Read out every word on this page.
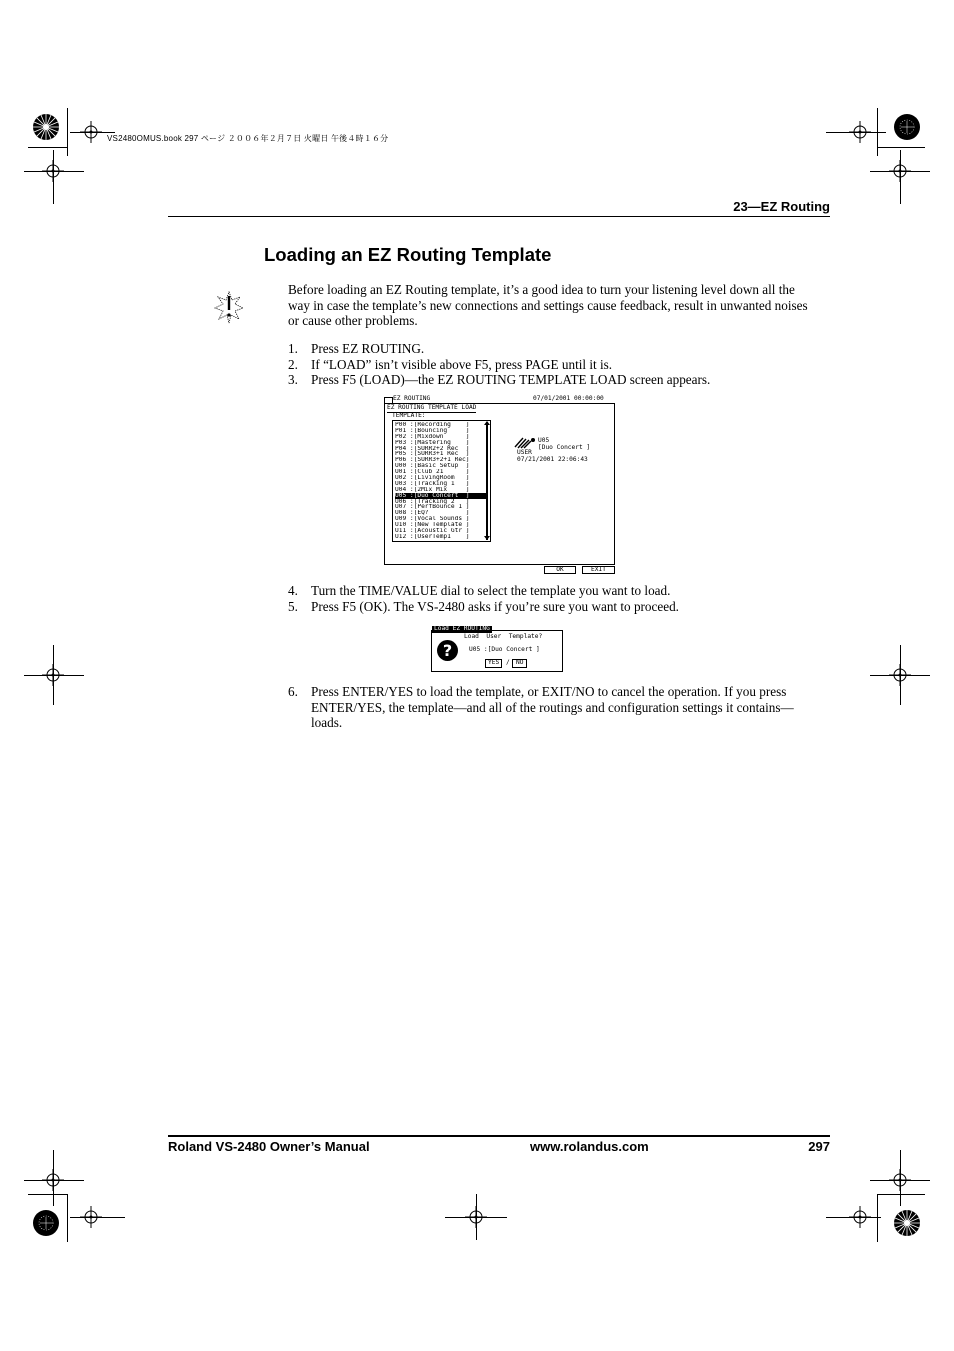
VS2480OMUS.book 297 ページ ２００６年２月７日 火曜日 午後４時１６分
23—EZ Routing
Loading an EZ Routing Template
Before loading an EZ Routing template, it’s a good idea to turn your listening level down all the way in case the template’s new connections and settings cause feedback, result in unwanted noises or cause other problems.
1. Press EZ ROUTING.
2. If “LOAD” isn’t visible above F5, press PAGE until it is.
3. Press F5 (LOAD)—the EZ ROUTING TEMPLATE LOAD screen appears.
EZ ROUTING	07/01/2001 00:00:00
EZ ROUTING TEMPLATE LOAD
TEMPLATE:
P00 :[Recording    ]
P01 :[Bouncing     ]
P02 :[Mixdown      ]
P03 :[Mastering    ]
P04 :[SURR2+2 Rec  ]
P05 :[SURR3+1 Rec  ]
P06 :[SURR3+2+1 Rec]
U00 :[Basic Setup  ]
U01 :[Club 21      ]
U02 :[LivingRoom   ]
U03 :[Tracking 1   ]
U04 :[2Mix Mix     ]
U05 :[Duo Concert  ]
U06 :[Tracking 2   ]
U07 :[PerfBounce 1 ]
U08 :[EQ?          ]
U09 :[Vocal Sounds ]
U10 :[New Template ]
U11 :[Acoustic Gtr ]
U12 :[UserTemp1    ]
U05
[Duo Concert ]
USER
07/21/2001 22:06:43
OK	EXIT
4. Turn the TIME/VALUE dial to select the template you want to load.
5. Press F5 (OK). The VS-2480 asks if you’re sure you want to proceed.
Load EZ ROUTING
?
Load  User  Template?
U05 :[Duo Concert ]
YES	/	NO
6. Press ENTER/YES to load the template, or EXIT/NO to cancel the operation. If you press ENTER/YES, the template—and all of the routings and configuration settings it contains—loads.
Roland VS-2480 Owner’s Manual	www.rolandus.com	297
